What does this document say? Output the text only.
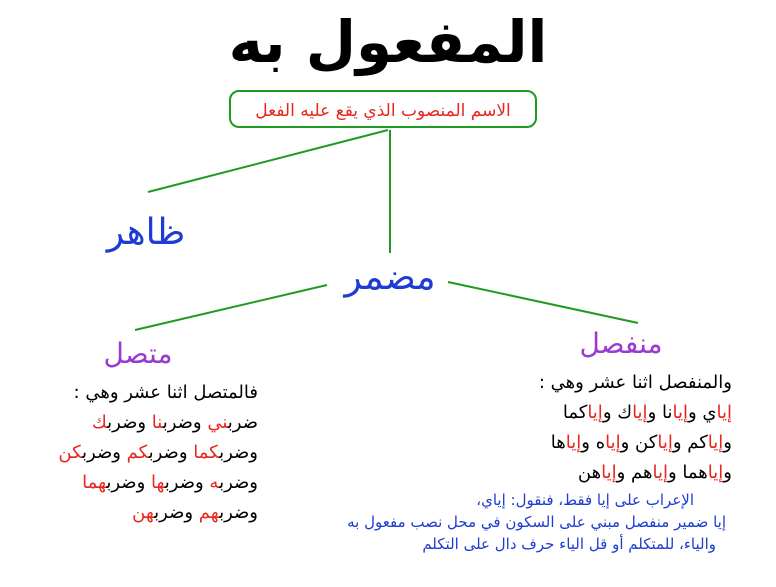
المفعول به
الاسم المنصوب الذي يقع عليه الفعل
ظاهر
مضمر
متصل	منفصل
فالمتصل اثنا عشر وهي :
ضربني وضربنا وضربك
وضربكما وضربكم وضربكن
وضربه وضربها وضربهما
وضربهم وضربهن
والمنفصل اثنا عشر وهي :
إياي وإيانا وإياك وإياكما
وإياكم وإياكن وإياه وإياها
وإياهما وإياهم وإياهن
الإعراب على إيا فقط، فنقول: إياي،
إيا ضمير منفصل مبني على السكون في محل نصب مفعول به
والياء، للمتكلم أو قل الياء حرف دال على التكلم
